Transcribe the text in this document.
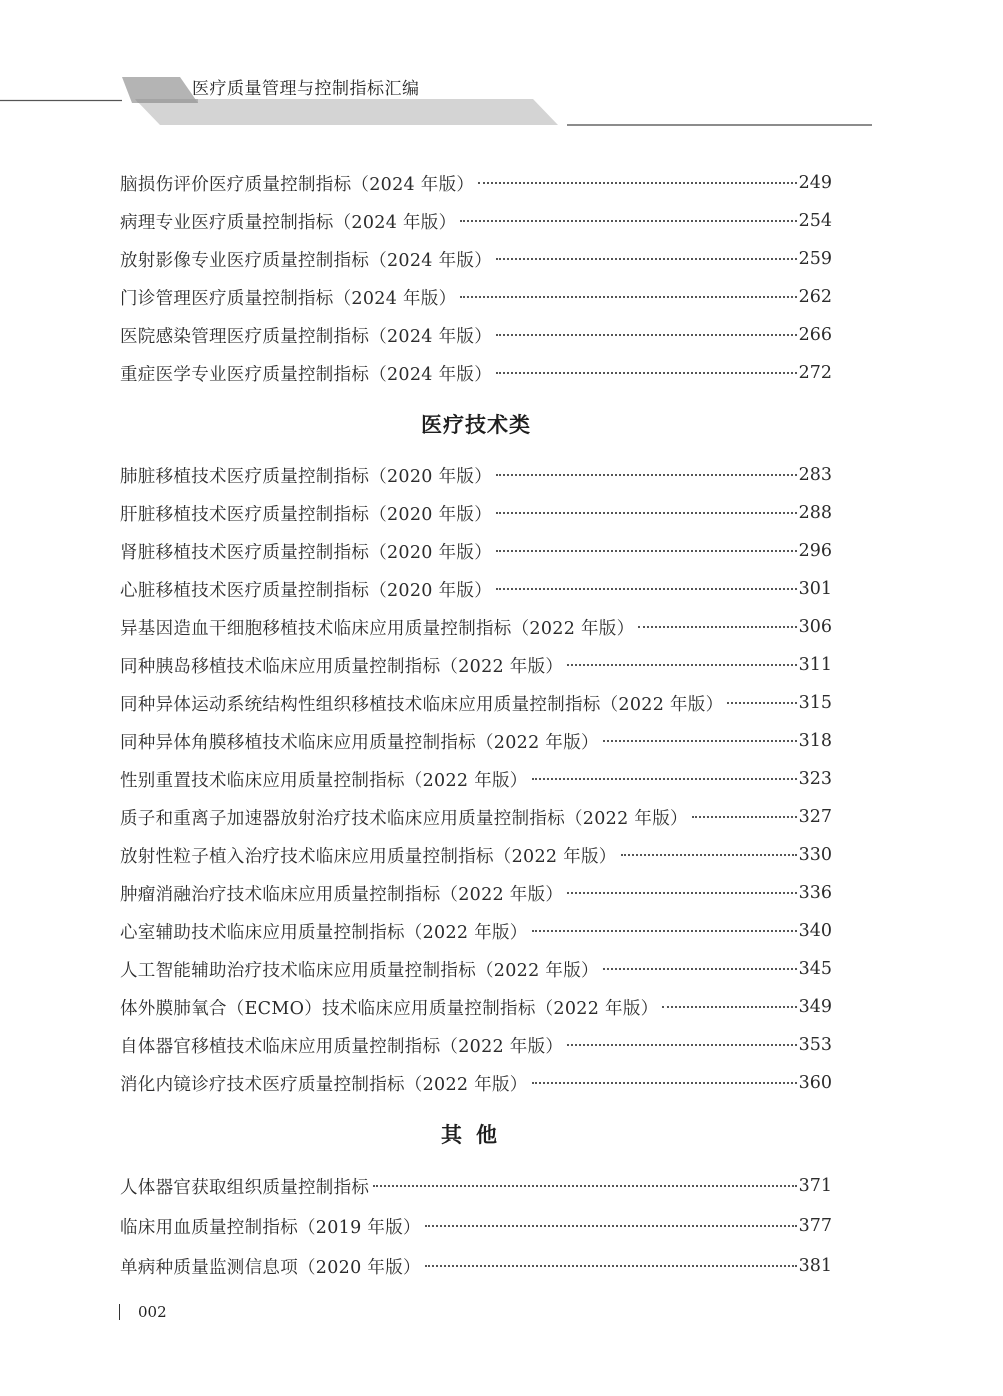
医疗质量管理与控制指标汇编
脑损伤评价医疗质量控制指标（2024 年版）	249
病理专业医疗质量控制指标（2024 年版）	254
放射影像专业医疗质量控制指标（2024 年版）	259
门诊管理医疗质量控制指标（2024 年版）	262
医院感染管理医疗质量控制指标（2024 年版）	266
重症医学专业医疗质量控制指标（2024 年版）	272
医疗技术类
肺脏移植技术医疗质量控制指标（2020 年版）	283
肝脏移植技术医疗质量控制指标（2020 年版）	288
肾脏移植技术医疗质量控制指标（2020 年版）	296
心脏移植技术医疗质量控制指标（2020 年版）	301
异基因造血干细胞移植技术临床应用质量控制指标（2022 年版）	306
同种胰岛移植技术临床应用质量控制指标（2022 年版）	311
同种异体运动系统结构性组织移植技术临床应用质量控制指标（2022 年版）	315
同种异体角膜移植技术临床应用质量控制指标（2022 年版）	318
性别重置技术临床应用质量控制指标（2022 年版）	323
质子和重离子加速器放射治疗技术临床应用质量控制指标（2022 年版）	327
放射性粒子植入治疗技术临床应用质量控制指标（2022 年版）	330
肿瘤消融治疗技术临床应用质量控制指标（2022 年版）	336
心室辅助技术临床应用质量控制指标（2022 年版）	340
人工智能辅助治疗技术临床应用质量控制指标（2022 年版）	345
体外膜肺氧合（ECMO）技术临床应用质量控制指标（2022 年版）	349
自体器官移植技术临床应用质量控制指标（2022 年版）	353
消化内镜诊疗技术医疗质量控制指标（2022 年版）	360
其他
人体器官获取组织质量控制指标	371
临床用血质量控制指标（2019 年版）	377
单病种质量监测信息项（2020 年版）	381
002
